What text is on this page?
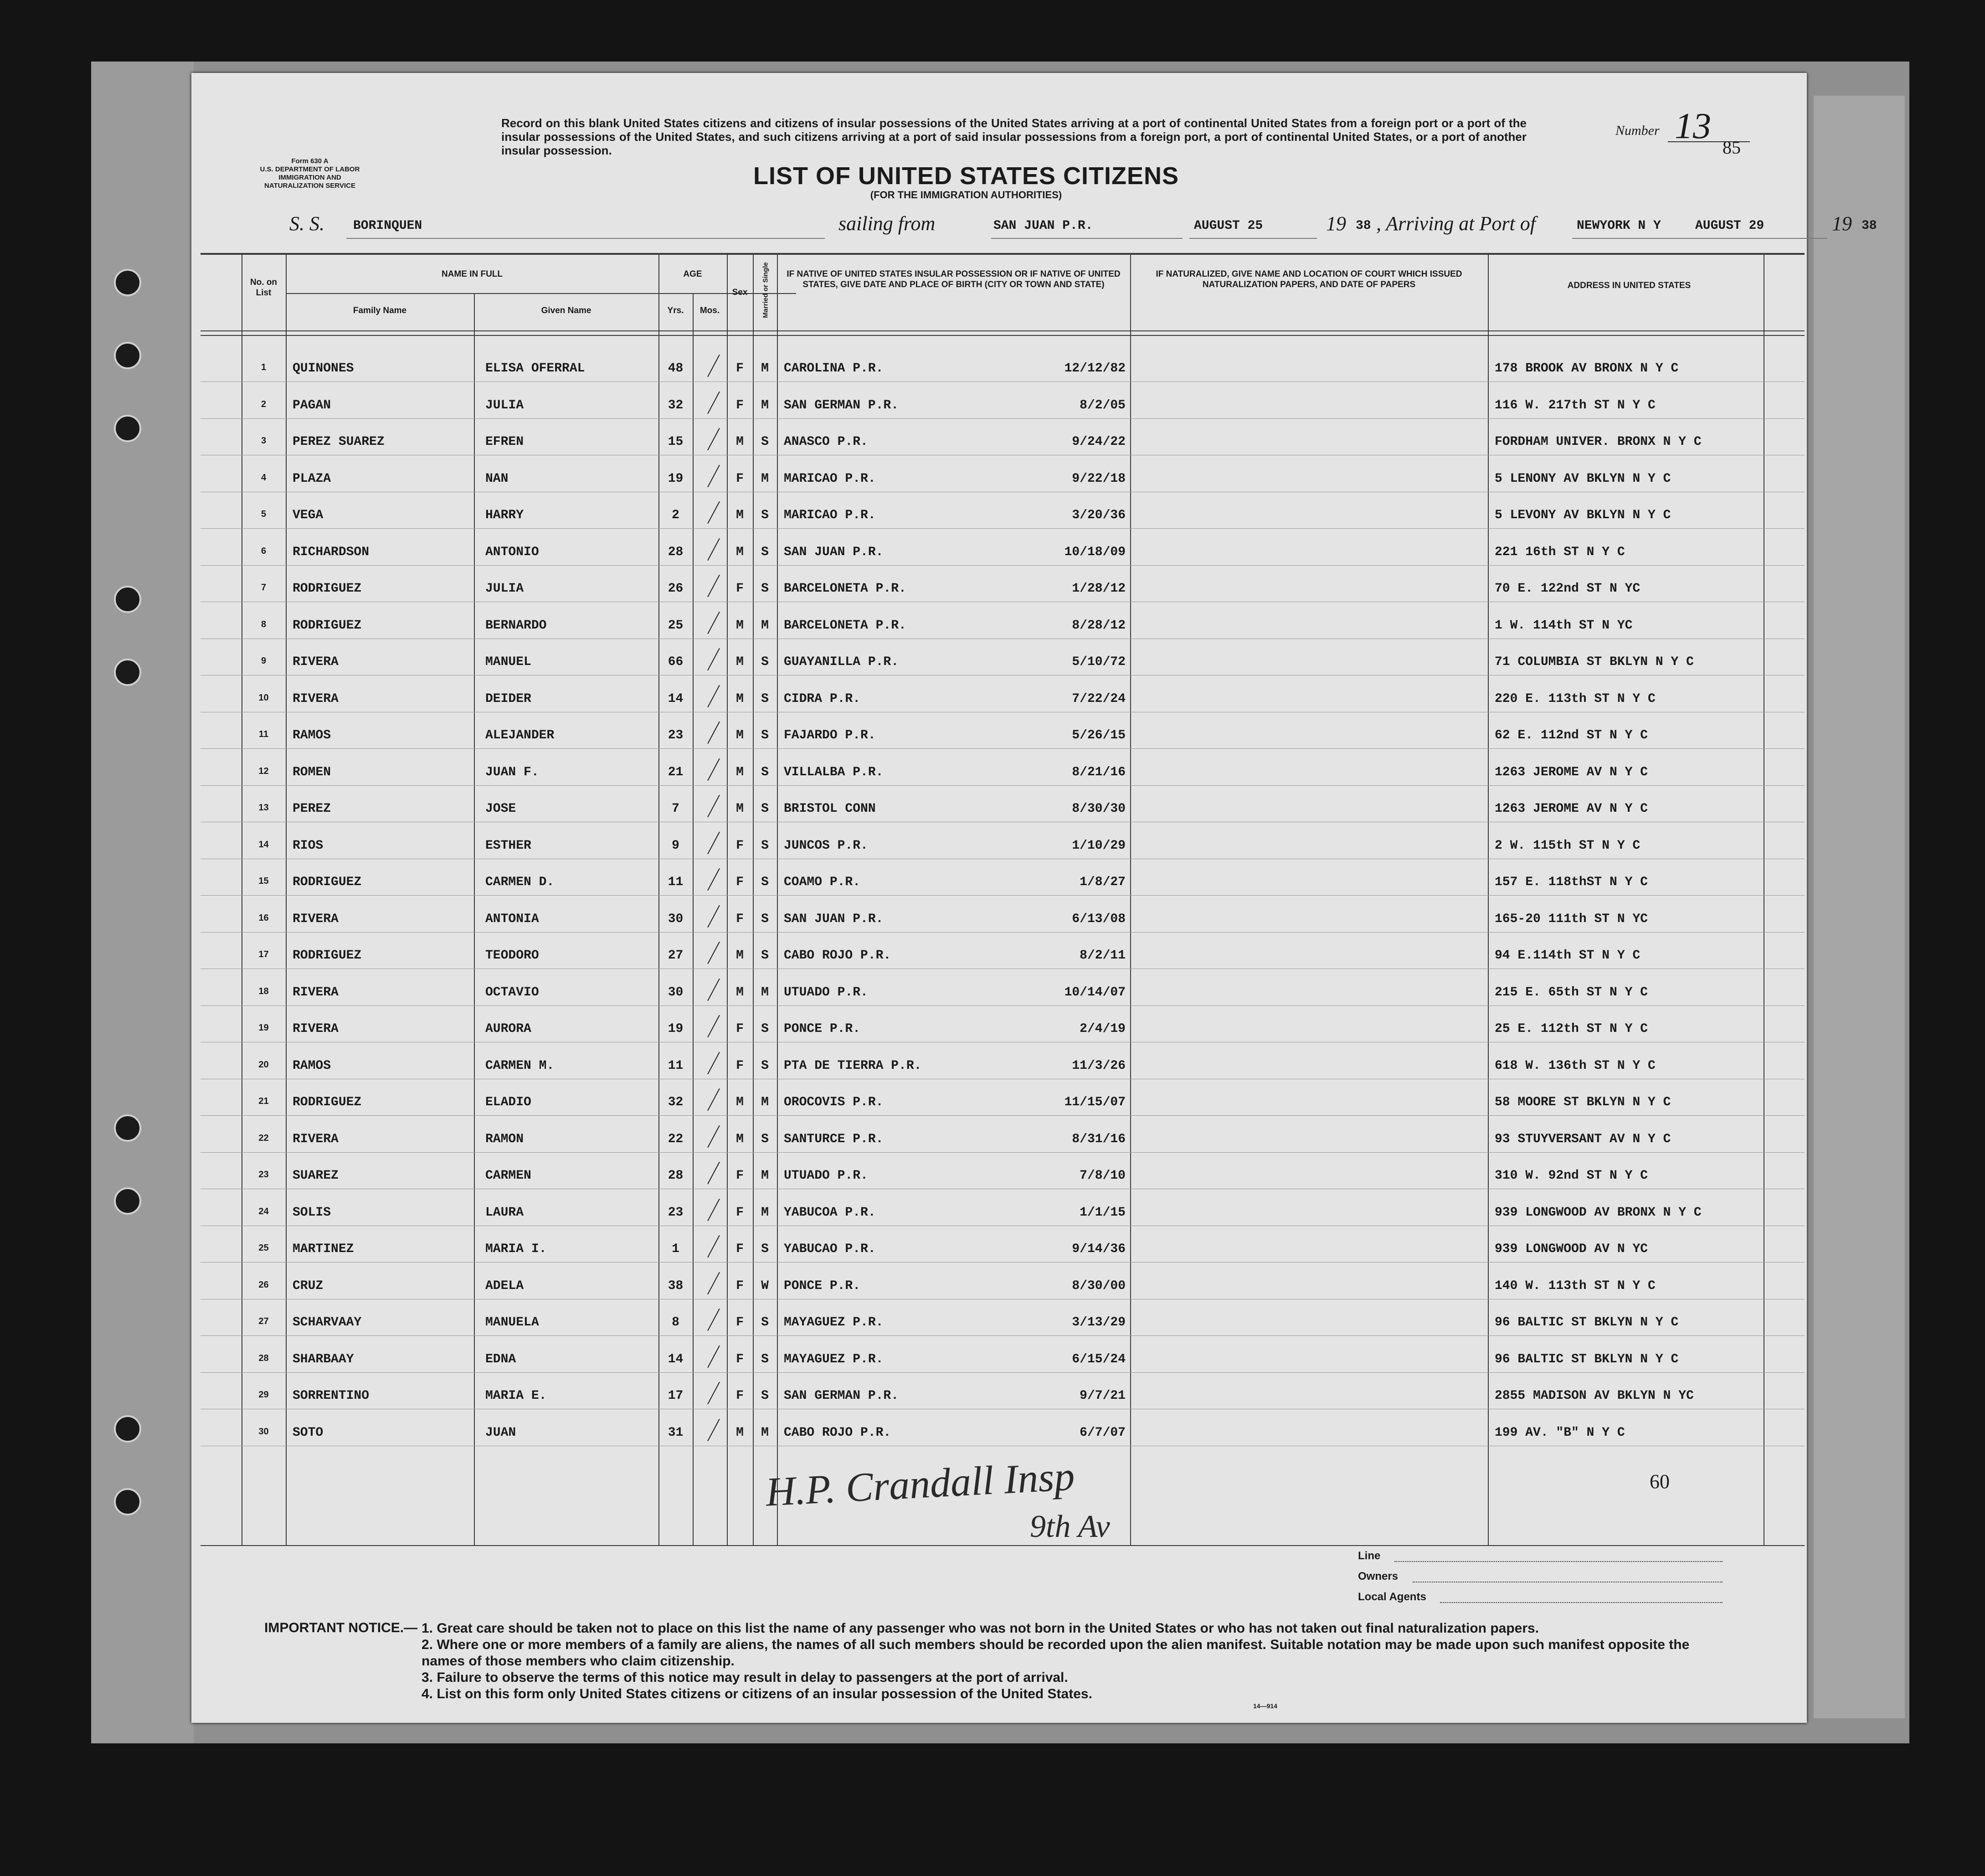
Form 630 A
U.S. DEPARTMENT OF LABOR
IMMIGRATION AND
NATURALIZATION SERVICE
Record on this blank United States citizens and citizens of insular possessions of the United States arriving at a port of continental United States from a foreign port or a port of the insular possessions of the United States, and such citizens arriving at a port of said insular possessions from a foreign port, a port of continental United States, or a port of another insular possession.
LIST OF UNITED STATES CITIZENS
(FOR THE IMMIGRATION AUTHORITIES)
Number 13
85
S. S. BORINQUEN	sailing from	SAN JUAN P.R.	AUGUST 25	19 38 , Arriving at Port of	NEWYORK N Y	AUGUST 29	19 38
No. on List
NAME IN FULL
Family Name	Given Name
AGE
Yrs.	Mos.
Sex	Married or Single	IF NATIVE OF UNITED STATES INSULAR POSSESSION OR IF NATIVE OF UNITED STATES, GIVE DATE AND PLACE OF BIRTH (CITY OR TOWN AND STATE)
IF NATURALIZED, GIVE NAME AND LOCATION OF COURT WHICH ISSUED NATURALIZATION PAPERS, AND DATE OF PAPERS	ADDRESS IN UNITED STATES
1	QUINONES	ELISA OFERRAL	48	F	M	CAROLINA P.R.	12/12/82	178 BROOK AV BRONX N Y C
2	PAGAN	JULIA	32	F	M	SAN GERMAN P.R.	8/2/05	116 W. 217th ST N Y C
3	PEREZ SUAREZ	EFREN	15	M	S	ANASCO P.R.	9/24/22	FORDHAM UNIVER. BRONX N Y C
4	PLAZA	NAN	19	F	M	MARICAO P.R.	9/22/18	5 LENONY AV BKLYN N Y C
5	VEGA	HARRY	2	M	S	MARICAO P.R.	3/20/36	5 LEVONY AV BKLYN N Y C
6	RICHARDSON	ANTONIO	28	M	S	SAN JUAN P.R.	10/18/09	221 16th ST N Y C
7	RODRIGUEZ	JULIA	26	F	S	BARCELONETA P.R.	1/28/12	70 E. 122nd ST N YC
8	RODRIGUEZ	BERNARDO	25	M	M	BARCELONETA P.R.	8/28/12	1 W. 114th ST N YC
9	RIVERA	MANUEL	66	M	S	GUAYANILLA P.R.	5/10/72	71 COLUMBIA ST BKLYN N Y C
10	RIVERA	DEIDER	14	M	S	CIDRA P.R.	7/22/24	220 E. 113th ST N Y C
11	RAMOS	ALEJANDER	23	M	S	FAJARDO P.R.	5/26/15	62 E. 112nd ST N Y C
12	ROMEN	JUAN F.	21	M	S	VILLALBA P.R.	8/21/16	1263 JEROME AV N Y C
13	PEREZ	JOSE	7	M	S	BRISTOL CONN	8/30/30	1263 JEROME AV N Y C
14	RIOS	ESTHER	9	F	S	JUNCOS P.R.	1/10/29	2 W. 115th ST N Y C
15	RODRIGUEZ	CARMEN D.	11	F	S	COAMO P.R.	1/8/27	157 E. 118thST N Y C
16	RIVERA	ANTONIA	30	F	S	SAN JUAN P.R.	6/13/08	165-20 111th ST N YC
17	RODRIGUEZ	TEODORO	27	M	S	CABO ROJO P.R.	8/2/11	94 E.114th ST N Y C
18	RIVERA	OCTAVIO	30	M	M	UTUADO P.R.	10/14/07	215 E. 65th ST N Y C
19	RIVERA	AURORA	19	F	S	PONCE P.R.	2/4/19	25 E. 112th ST N Y C
20	RAMOS	CARMEN M.	11	F	S	PTA DE TIERRA P.R.	11/3/26	618 W. 136th ST N Y C
21	RODRIGUEZ	ELADIO	32	M	M	OROCOVIS P.R.	11/15/07	58 MOORE ST BKLYN N Y C
22	RIVERA	RAMON	22	M	S	SANTURCE P.R.	8/31/16	93 STUYVERSANT AV N Y C
23	SUAREZ	CARMEN	28	F	M	UTUADO P.R.	7/8/10	310 W. 92nd ST N Y C
24	SOLIS	LAURA	23	F	M	YABUCOA P.R.	1/1/15	939 LONGWOOD AV BRONX N Y C
25	MARTINEZ	MARIA I.	1	F	S	YABUCAO P.R.	9/14/36	939 LONGWOOD AV N YC
26	CRUZ	ADELA	38	F	W	PONCE P.R.	8/30/00	140 W. 113th ST N Y C
27	SCHARVAAY	MANUELA	8	F	S	MAYAGUEZ P.R.	3/13/29	96 BALTIC ST BKLYN N Y C
28	SHARBAAY	EDNA	14	F	S	MAYAGUEZ P.R.	6/15/24	96 BALTIC ST BKLYN N Y C
29	SORRENTINO	MARIA E.	17	F	S	SAN GERMAN P.R.	9/7/21	2855 MADISON AV BKLYN N YC
30	SOTO	JUAN	31	M	M	CABO ROJO P.R.	6/7/07	199 AV. "B" N Y C
H.P. Crandall Insp
9th Av
60
Line
Owners
Local Agents
IMPORTANT NOTICE.— 1. Great care should be taken not to place on this list the name of any passenger who was not born in the United States or who has not taken out final naturalization papers.
2. Where one or more members of a family are aliens, the names of all such members should be recorded upon the alien manifest. Suitable notation may be made upon such manifest opposite the names of those members who claim citizenship.
3. Failure to observe the terms of this notice may result in delay to passengers at the port of arrival.
4. List on this form only United States citizens or citizens of an insular possession of the United States.
14—914
